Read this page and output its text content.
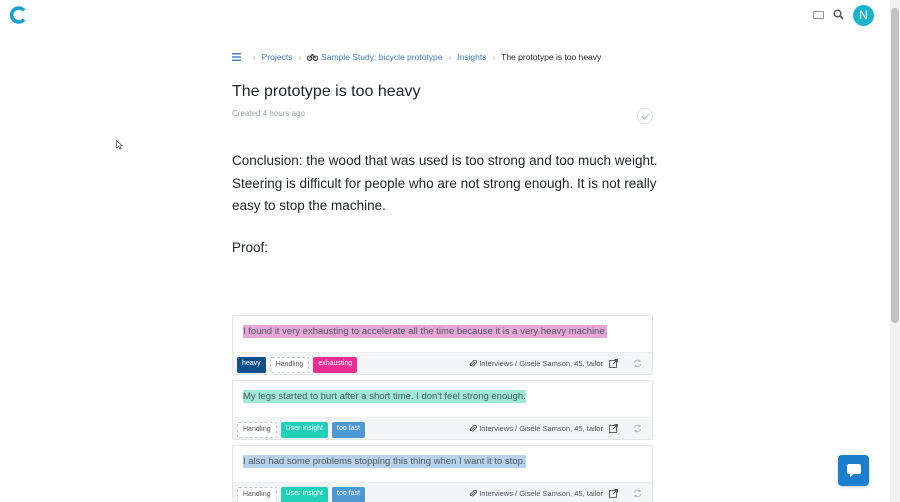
N
› Projects › Sample Study: bicycle prototype › Insights › The prototype is too heavy
The prototype is too heavy
Created 4 hours ago
Conclusion: the wood that was used is too strong and too much weight. Steering is difficult for people who are not strong enough. It is not really easy to stop the machine.
Proof:
I found it very exhausting to accelerate all the time because it is a very heavy machine.
heavy	Handling	exhausting	Interviews / Gisele Samson, 45, tailor
My legs started to hurt after a short time. I don't feel strong enough.
Handling	User Insight	too fast	Interviews / Gisele Samson, 45, tailor
I also had some problems stopping this thing when I want it to stop.
Handling	User Insight	too fast	Interviews / Gisele Samson, 45, tailor
